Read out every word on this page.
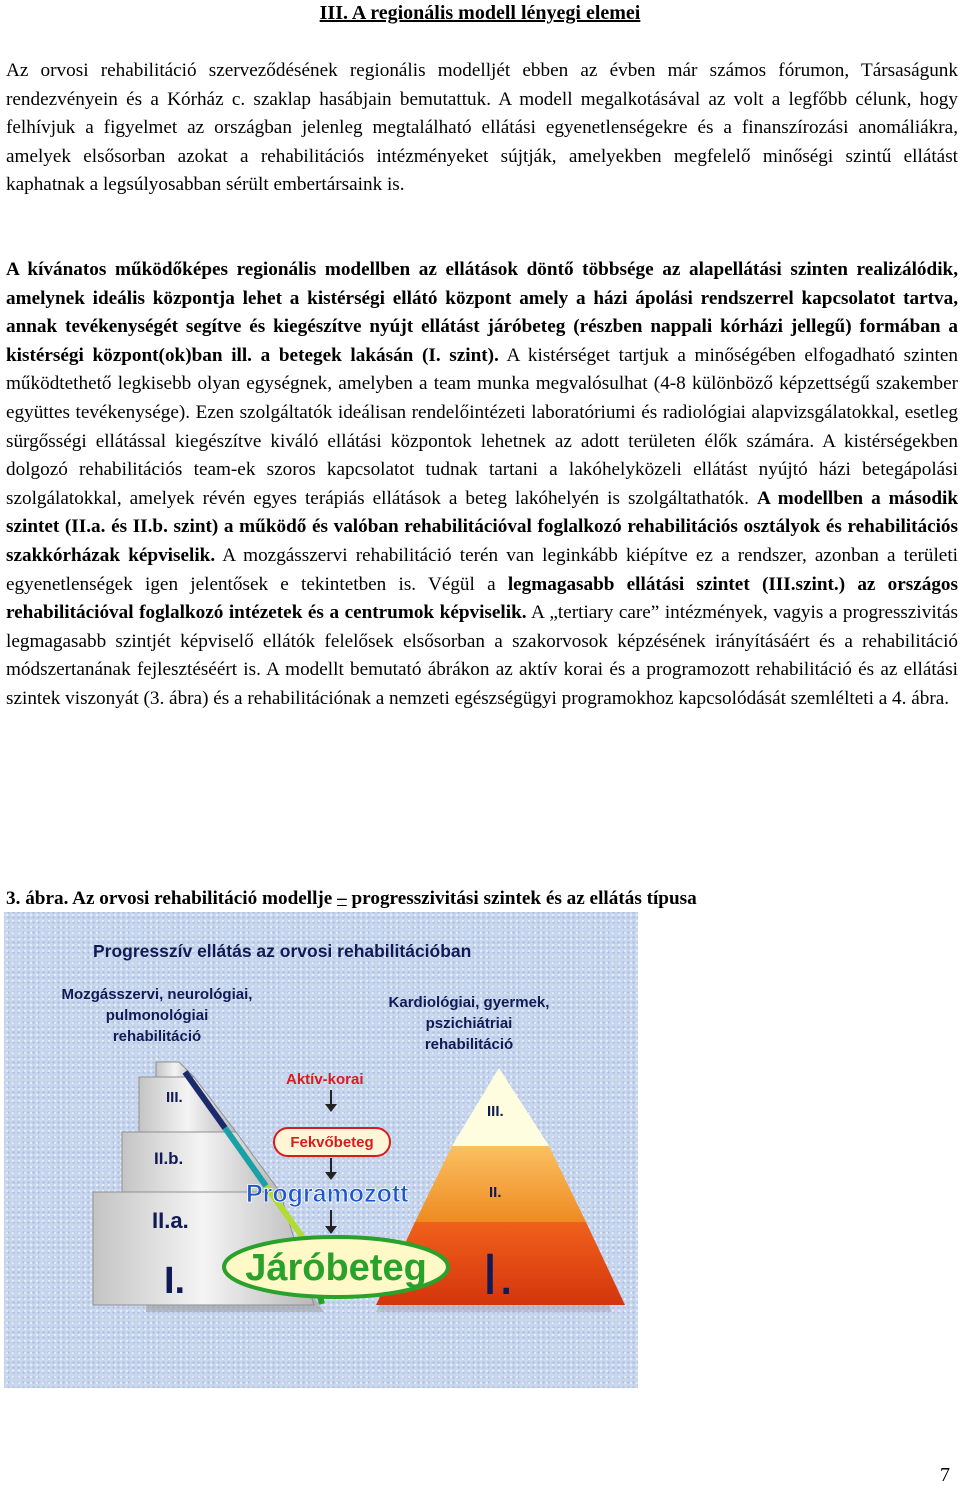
III. A regionális modell lényegi elemei

Az orvosi rehabilitáció szerveződésének regionális modelljét ebben az évben már számos fórumon, Társaságunk rendezvényein és a Kórház c. szaklap hasábjain bemutattuk. A modell megalkotásával az volt a legfőbb célunk, hogy felhívjuk a figyelmet az országban jelenleg megtalálható ellátási egyenetlenségekre és a finanszírozási anomáliákra, amelyek elsősorban azokat a rehabilitációs intézményeket sújtják, amelyekben megfelelő minőségi szintű ellátást kaphatnak a legsúlyosabban sérült embertársaink is.

A kívánatos működőképes regionális modellben az ellátások döntő többsége az alapellátási szinten realizálódik, amelynek ideális központja lehet a kistérségi ellátó központ amely a házi ápolási rendszerrel kapcsolatot tartva, annak tevékenységét segítve és kiegészítve nyújt ellátást járóbeteg (részben nappali kórházi jellegű) formában a kistérségi központ(ok)ban ill. a betegek lakásán (I. szint). A kistérséget tartjuk a minőségében elfogadható szinten működtethető legkisebb olyan egységnek, amelyben a team munka megvalósulhat (4-8 különböző képzettségű szakember együttes tevékenysége). Ezen szolgáltatók ideálisan rendelőintézeti laboratóriumi és radiológiai alapvizsgálatokkal, esetleg sürgősségi ellátással kiegészítve kiváló ellátási központok lehetnek az adott területen élők számára. A kistérségekben dolgozó rehabilitációs team-ek szoros kapcsolatot tudnak tartani a lakóhelyközeli ellátást nyújtó házi betegápolási szolgálatokkal, amelyek révén egyes terápiás ellátások a beteg lakóhelyén is szolgáltathatók. A modellben a második szintet (II.a. és II.b. szint) a működő és valóban rehabilitációval foglalkozó rehabilitációs osztályok és rehabilitációs szakkórházak képviselik. A mozgásszervi rehabilitáció terén van leginkább kiépítve ez a rendszer, azonban a területi egyenetlenségek igen jelentősek e tekintetben is. Végül a legmagasabb ellátási szintet (III.szint.) az országos rehabilitációval foglalkozó intézetek és a centrumok képviselik. A „tertiary care” intézmények, vagyis a progresszivitás legmagasabb szintjét képviselő ellátók felelősek elsősorban a szakorvosok képzésének irányításáért és a rehabilitáció módszertanának fejlesztéséért is. A modellt bemutató ábrákon az aktív korai és a programozott rehabilitáció és az ellátási szintek viszonyát (3. ábra) és a rehabilitációnak a nemzeti egészségügyi programokhoz kapcsolódását szemlélteti a 4. ábra.

3. ábra. Az orvosi rehabilitáció modellje – progresszivitási szintek és az ellátás típusa
Progresszív ellátás az orvosi rehabilitációban
Mozgásszervi, neurológiai,
pulmonológiai
rehabilitáció
Kardiológiai, gyermek,
pszichiátriai
rehabilitáció
III.
II.b.
II.a.
I.
III.
II.
I.
Aktív-korai
Fekvőbeteg
Programozott
Járóbeteg
7
